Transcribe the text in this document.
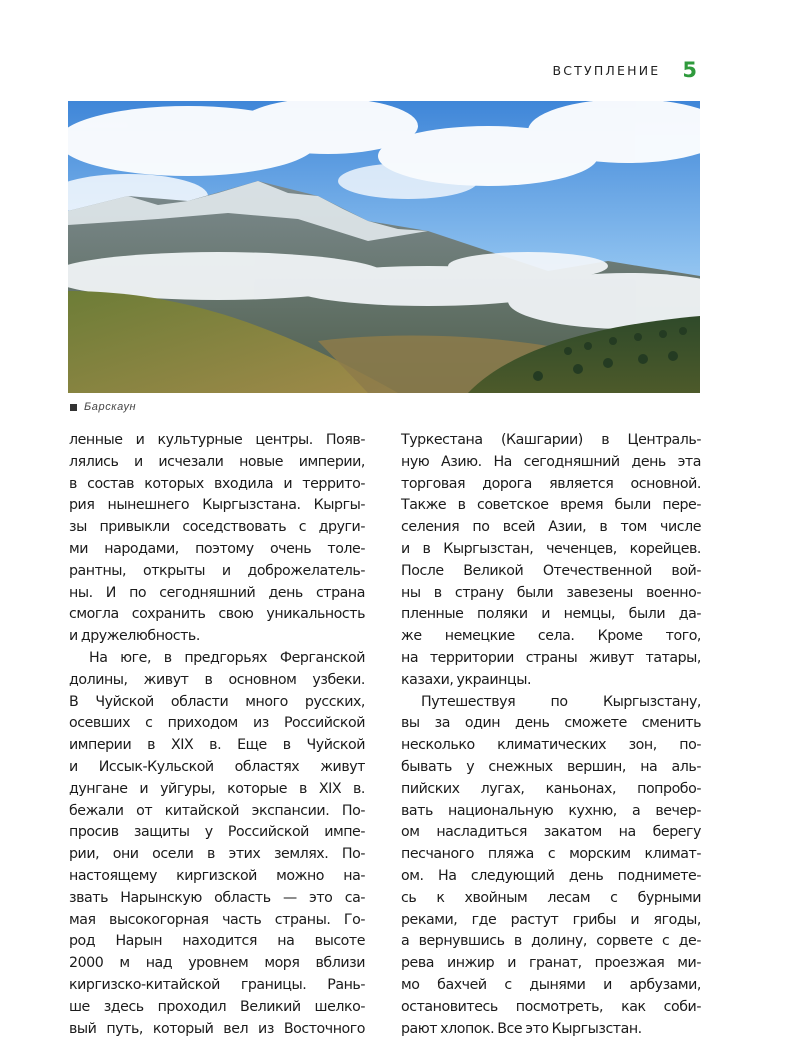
ВСТУПЛЕНИЕ 5
Барскаун
ленные и культурные центры. Появ-
лялись и исчезали новые империи,
в состав которых входила и террито-
рия нынешнего Кыргызстана. Кыргы-
зы привыкли соседствовать с други-
ми народами, поэтому очень толе-
рантны, открыты и доброжелатель-
ны. И по сегодняшний день страна
смогла сохранить свою уникальность
и дружелюбность.
На юге, в предгорьях Ферганской
долины, живут в основном узбеки.
В Чуйской области много русских,
осевших с приходом из Российской
империи в XIX в. Еще в Чуйской
и Иссык-Кульской областях живут
дунгане и уйгуры, которые в XIX в.
бежали от китайской экспансии. По-
просив защиты у Российской импе-
рии, они осели в этих землях. По-
настоящему киргизской можно на-
звать Нарынскую область — это са-
мая высокогорная часть страны. Го-
род Нарын находится на высоте
2000 м над уровнем моря вблизи
киргизско-китайской границы. Рань-
ше здесь проходил Великий шелко-
вый путь, который вел из Восточного
Туркестана (Кашгарии) в Централь-
ную Азию. На сегодняшний день эта
торговая дорога является основной.
Также в советское время были пере-
селения по всей Азии, в том числе
и в Кыргызстан, чеченцев, корейцев.
После Великой Отечественной вой-
ны в страну были завезены военно-
пленные поляки и немцы, были да-
же немецкие села. Кроме того,
на территории страны живут татары,
казахи, украинцы.
Путешествуя по Кыргызстану,
вы за один день сможете сменить
несколько климатических зон, по-
бывать у снежных вершин, на аль-
пийских лугах, каньонах, попробо-
вать национальную кухню, а вечер-
ом насладиться закатом на берегу
песчаного пляжа с морским климат-
ом. На следующий день поднимете-
сь к хвойным лесам с бурными
реками, где растут грибы и ягоды,
а вернувшись в долину, сорвете с де-
рева инжир и гранат, проезжая ми-
мо бахчей с дынями и арбузами,
остановитесь посмотреть, как соби-
рают хлопок. Все это Кыргызстан.
